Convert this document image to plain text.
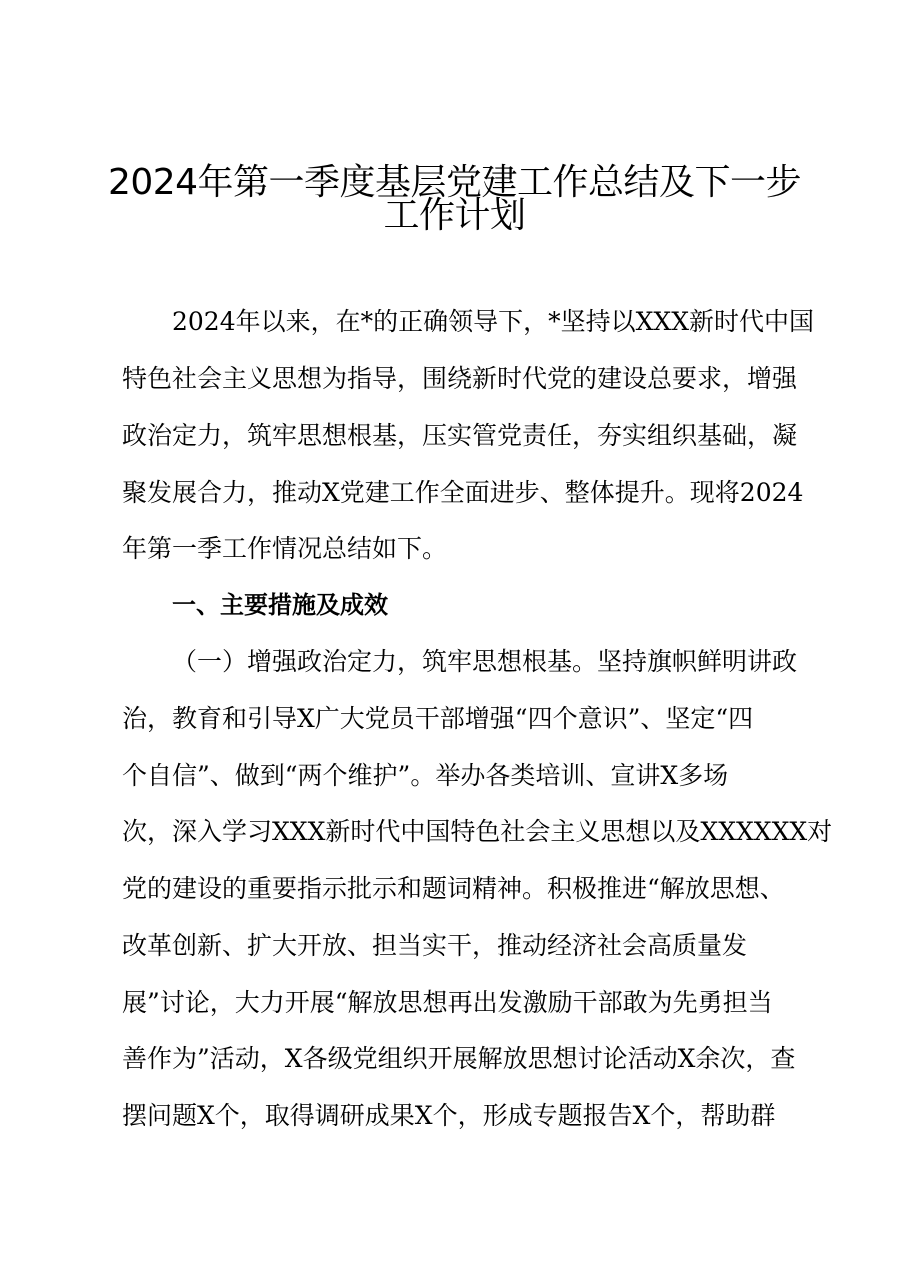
2024年第一季度基层党建工作总结及下一步
工作计划

2024年以来，在*的正确领导下，*坚持以XXX新时代中国

特色社会主义思想为指导，围绕新时代党的建设总要求，增强

政治定力，筑牢思想根基，压实管党责任，夯实组织基础，凝

聚发展合力，推动X党建工作全面进步、整体提升。现将2024

年第一季工作情况总结如下。

一、主要措施及成效

（一）增强政治定力，筑牢思想根基。坚持旗帜鲜明讲政

治，教育和引导X广大党员干部增强“四个意识”、坚定“四

个自信”、做到“两个维护”。举办各类培训、宣讲X多场

次，深入学习XXX新时代中国特色社会主义思想以及XXXXXX对

党的建设的重要指示批示和题词精神。积极推进“解放思想、

改革创新、扩大开放、担当实干，推动经济社会高质量发

展”讨论，大力开展“解放思想再出发激励干部敢为先勇担当

善作为”活动，X各级党组织开展解放思想讨论活动X余次，查

摆问题X个，取得调研成果X个，形成专题报告X个，帮助群
